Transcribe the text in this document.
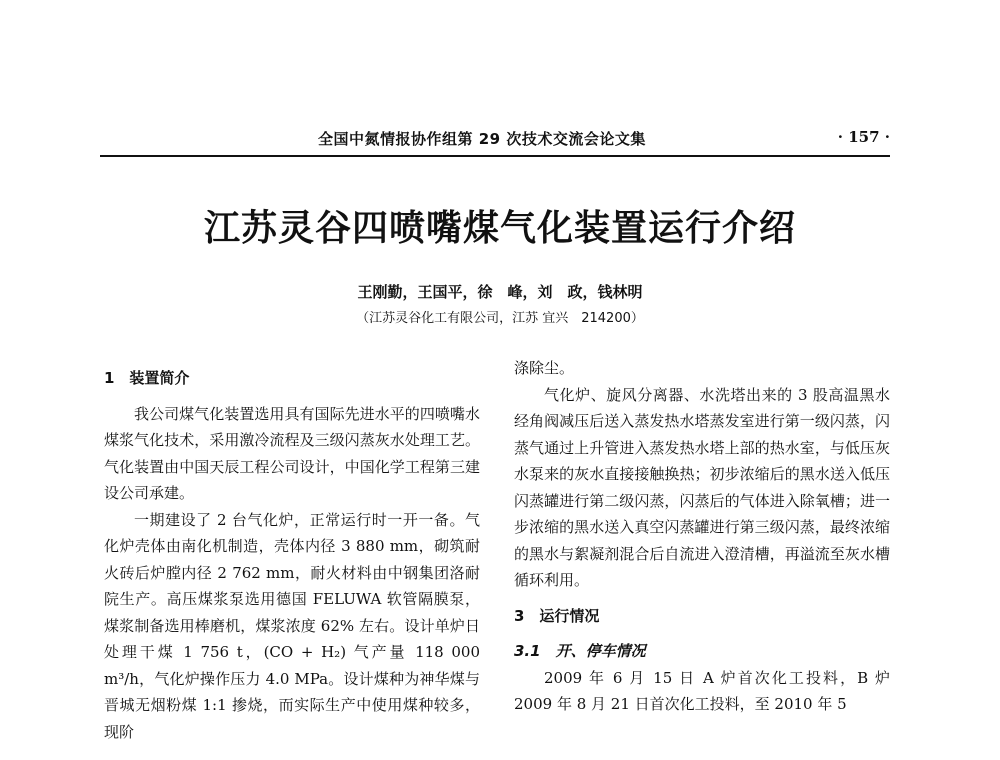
全国中氮情报协作组第 29 次技术交流会论文集	· 157 ·
江苏灵谷四喷嘴煤气化装置运行介绍
王刚勤，王国平，徐　峰，刘　政，钱林明
（江苏灵谷化工有限公司，江苏 宜兴　214200）
1　装置简介

我公司煤气化装置选用具有国际先进水平的四喷嘴水煤浆气化技术，采用激冷流程及三级闪蒸灰水处理工艺。气化装置由中国天辰工程公司设计，中国化学工程第三建设公司承建。

一期建设了 2 台气化炉，正常运行时一开一备。气化炉壳体由南化机制造，壳体内径 3 880 mm，砌筑耐火砖后炉膛内径 2 762 mm，耐火材料由中钢集团洛耐院生产。高压煤浆泵选用德国 FELUWA 软管隔膜泵，煤浆制备选用棒磨机，煤浆浓度 62% 左右。设计单炉日处理干煤 1 756 t，(CO + H₂) 气产量 118 000 m³/h，气化炉操作压力 4.0 MPa。设计煤种为神华煤与晋城无烟粉煤 1:1 掺烧，而实际生产中使用煤种较多，现阶

涤除尘。

气化炉、旋风分离器、水洗塔出来的 3 股高温黑水经角阀减压后送入蒸发热水塔蒸发室进行第一级闪蒸，闪蒸气通过上升管进入蒸发热水塔上部的热水室，与低压灰水泵来的灰水直接接触换热；初步浓缩后的黑水送入低压闪蒸罐进行第二级闪蒸，闪蒸后的气体进入除氧槽；进一步浓缩的黑水送入真空闪蒸罐进行第三级闪蒸，最终浓缩的黑水与絮凝剂混合后自流进入澄清槽，再溢流至灰水槽循环利用。

3　运行情况
3.1　开、停车情况

2009 年 6 月 15 日 A 炉首次化工投料，B 炉 2009 年 8 月 21 日首次化工投料，至 2010 年 5
